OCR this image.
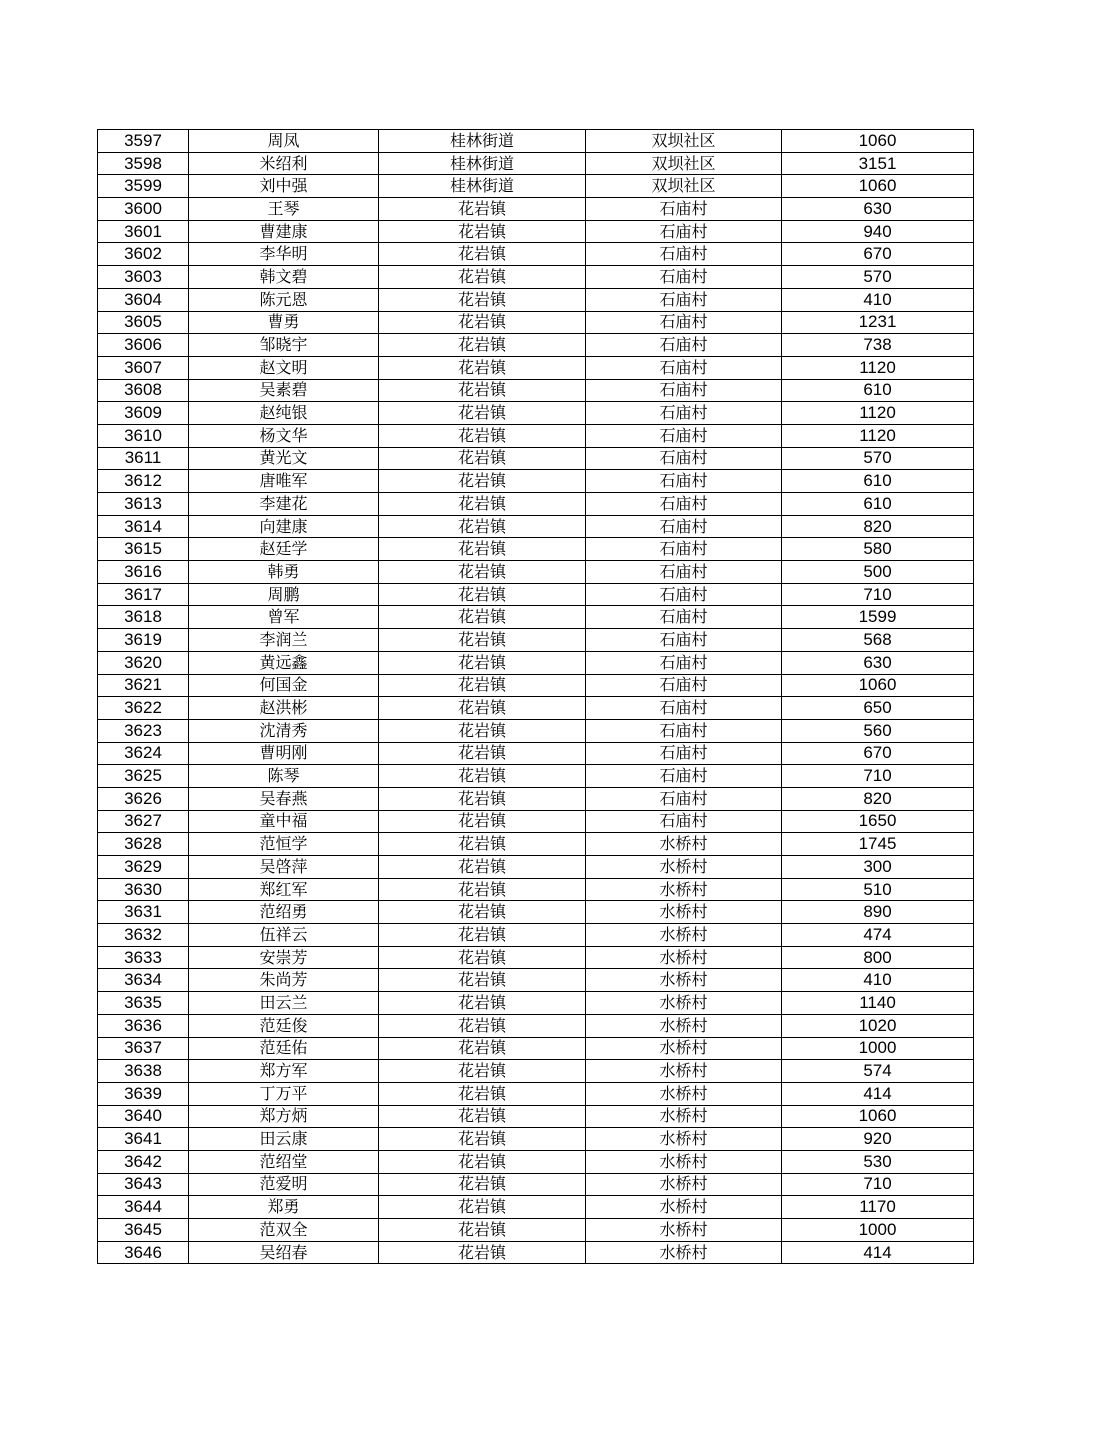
3597	周凤	桂林街道	双坝社区	1060
3598	米绍利	桂林街道	双坝社区	3151
3599	刘中强	桂林街道	双坝社区	1060
3600	王琴	花岩镇	石庙村	630
3601	曹建康	花岩镇	石庙村	940
3602	李华明	花岩镇	石庙村	670
3603	韩文碧	花岩镇	石庙村	570
3604	陈元恩	花岩镇	石庙村	410
3605	曹勇	花岩镇	石庙村	1231
3606	邹晓宇	花岩镇	石庙村	738
3607	赵文明	花岩镇	石庙村	1120
3608	吴素碧	花岩镇	石庙村	610
3609	赵纯银	花岩镇	石庙村	1120
3610	杨文华	花岩镇	石庙村	1120
3611	黄光文	花岩镇	石庙村	570
3612	唐唯军	花岩镇	石庙村	610
3613	李建花	花岩镇	石庙村	610
3614	向建康	花岩镇	石庙村	820
3615	赵廷学	花岩镇	石庙村	580
3616	韩勇	花岩镇	石庙村	500
3617	周鹏	花岩镇	石庙村	710
3618	曾军	花岩镇	石庙村	1599
3619	李润兰	花岩镇	石庙村	568
3620	黄远鑫	花岩镇	石庙村	630
3621	何国金	花岩镇	石庙村	1060
3622	赵洪彬	花岩镇	石庙村	650
3623	沈清秀	花岩镇	石庙村	560
3624	曹明刚	花岩镇	石庙村	670
3625	陈琴	花岩镇	石庙村	710
3626	吴春燕	花岩镇	石庙村	820
3627	童中福	花岩镇	石庙村	1650
3628	范恒学	花岩镇	水桥村	1745
3629	吴啓萍	花岩镇	水桥村	300
3630	郑红军	花岩镇	水桥村	510
3631	范绍勇	花岩镇	水桥村	890
3632	伍祥云	花岩镇	水桥村	474
3633	安崇芳	花岩镇	水桥村	800
3634	朱尚芳	花岩镇	水桥村	410
3635	田云兰	花岩镇	水桥村	1140
3636	范廷俊	花岩镇	水桥村	1020
3637	范廷佑	花岩镇	水桥村	1000
3638	郑方军	花岩镇	水桥村	574
3639	丁万平	花岩镇	水桥村	414
3640	郑方炳	花岩镇	水桥村	1060
3641	田云康	花岩镇	水桥村	920
3642	范绍堂	花岩镇	水桥村	530
3643	范爱明	花岩镇	水桥村	710
3644	郑勇	花岩镇	水桥村	1170
3645	范双全	花岩镇	水桥村	1000
3646	吴绍春	花岩镇	水桥村	414
